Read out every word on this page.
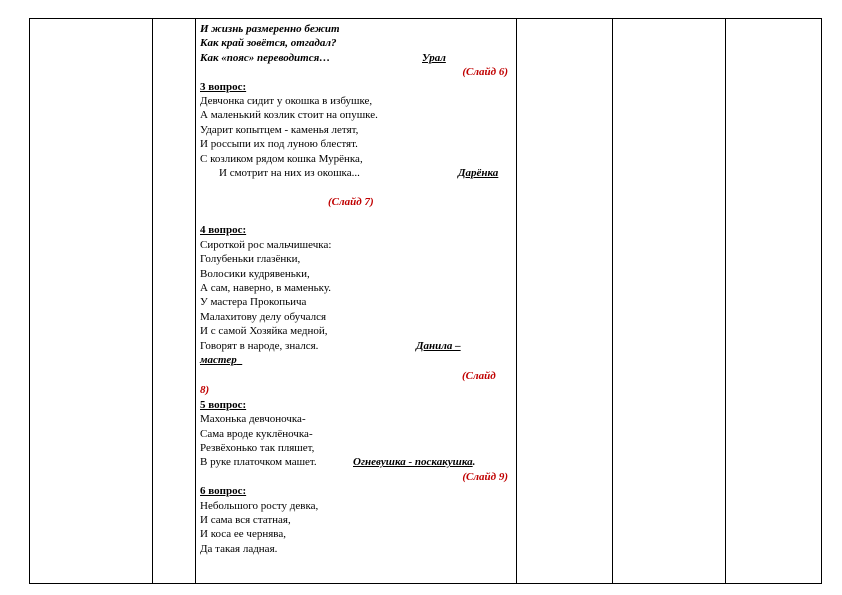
И жизнь размеренно бежит
Как край зовётся, отгадал?
Как «пояс» переводится…	Урал
(Слайд 6)
3 вопрос:
Девчонка сидит у окошка в избушке,
А маленький козлик стоит на опушке.
Ударит копытцем - каменья летят,
И россыпи их под луною блестят.
С козликом рядом кошка Мурёнка,
И смотрит на них из окошка...	Дарёнка
(Слайд 7)
4 вопрос:
Сироткой рос мальчишечка:
Голубеньки глазёнки,
Волосики кудрявеньки,
А сам, наверно, в маменьку.
У мастера Прокопьича
Малахитову делу обучался
И с самой Хозяйка медной,
Говорят в народе, знался.	Данила –
мастер
(Слайд
8)
5 вопрос:
Махонька девчоночка-
Сама вроде куклёночка-
Резвёхонько так пляшет,
В руке платочком машет.	Огневушка - поскакушка.
(Слайд 9)
6 вопрос:
Небольшого росту девка,
И сама вся статная,
И коса ее чернява,
Да такая ладная.
